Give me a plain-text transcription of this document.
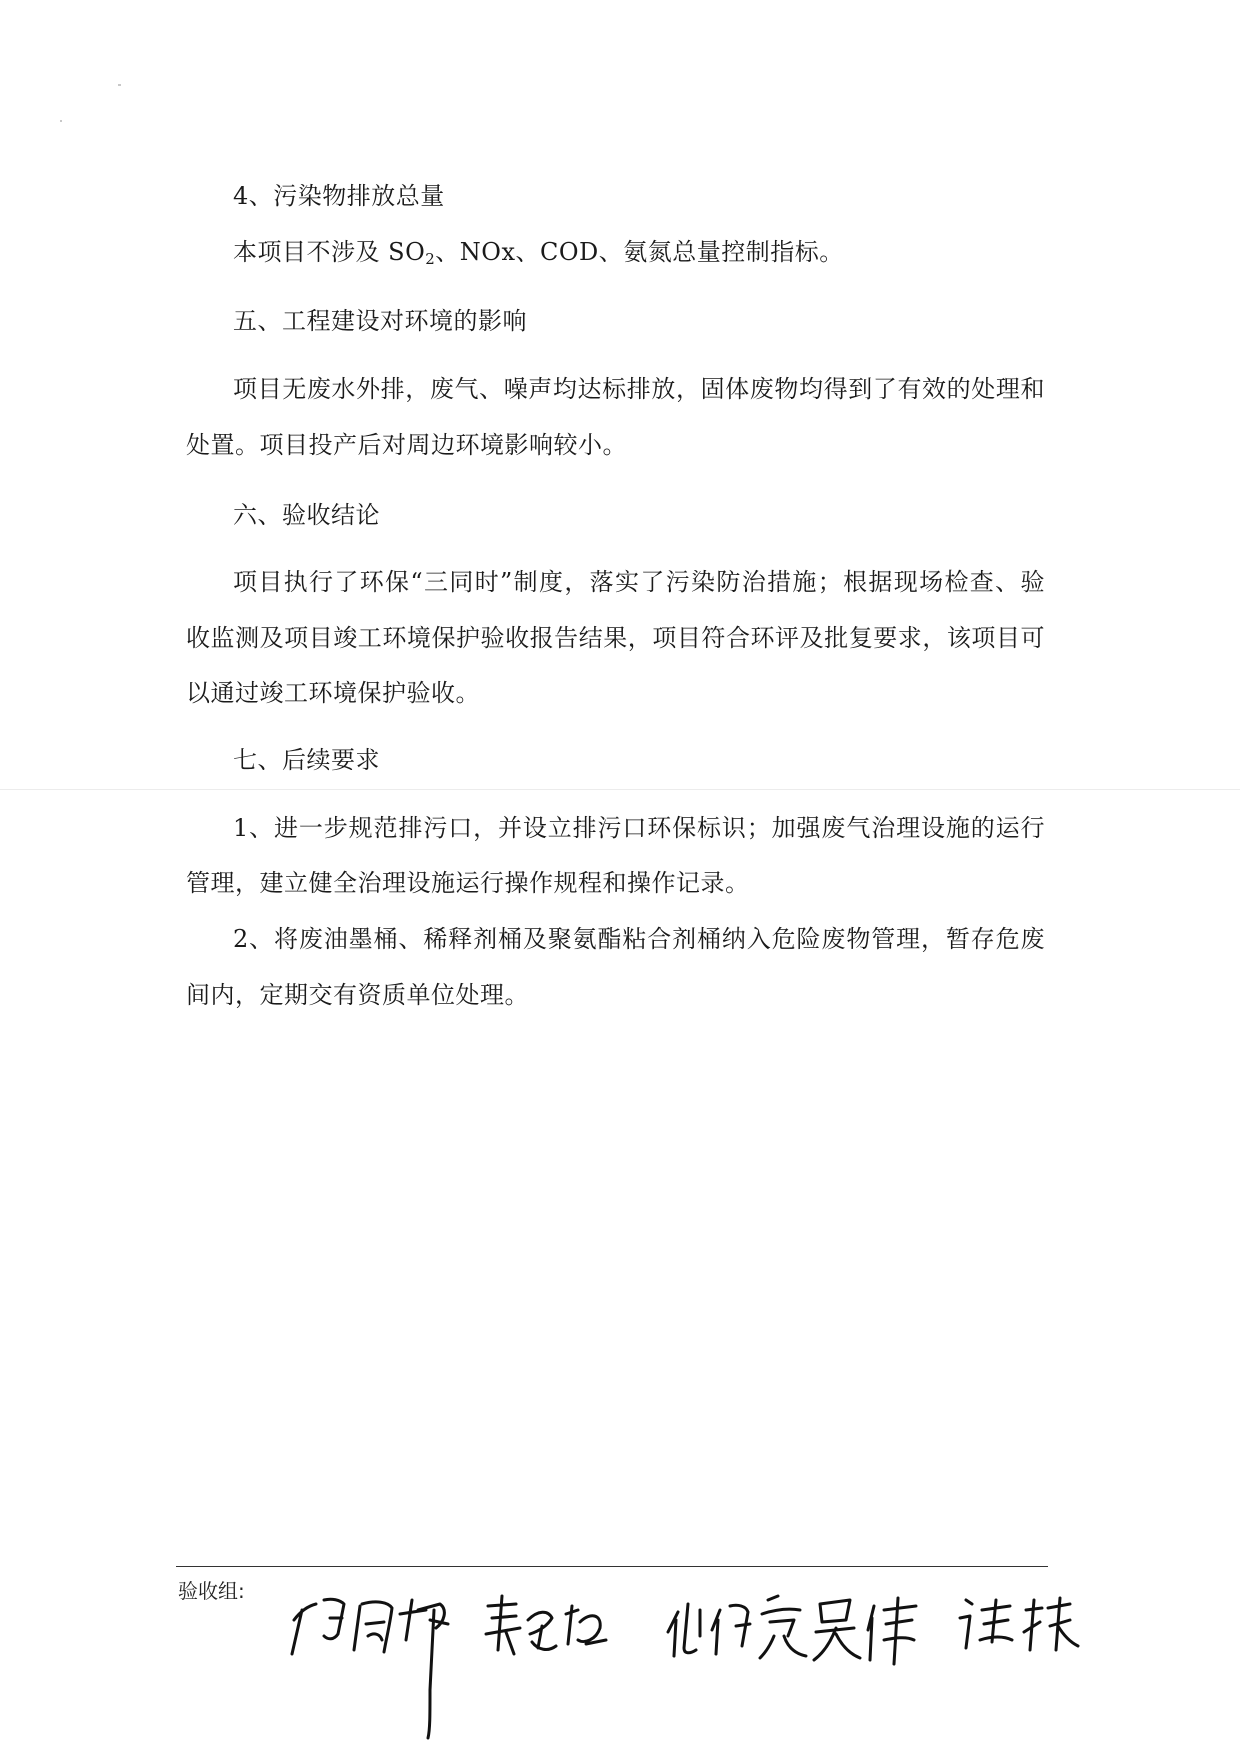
4、污染物排放总量
本项目不涉及 SO2、NOx、COD、氨氮总量控制指标。
五、工程建设对环境的影响
项目无废水外排，废气、噪声均达标排放，固体废物均得到了有效的处理和
处置。项目投产后对周边环境影响较小。
六、验收结论
项目执行了环保“三同时”制度，落实了污染防治措施；根据现场检查、验
收监测及项目竣工环境保护验收报告结果，项目符合环评及批复要求，该项目可
以通过竣工环境保护验收。
七、后续要求
1、进一步规范排污口，并设立排污口环保标识；加强废气治理设施的运行
管理，建立健全治理设施运行操作规程和操作记录。
2、将废油墨桶、稀释剂桶及聚氨酯粘合剂桶纳入危险废物管理，暂存危废
间内，定期交有资质单位处理。
验收组:
